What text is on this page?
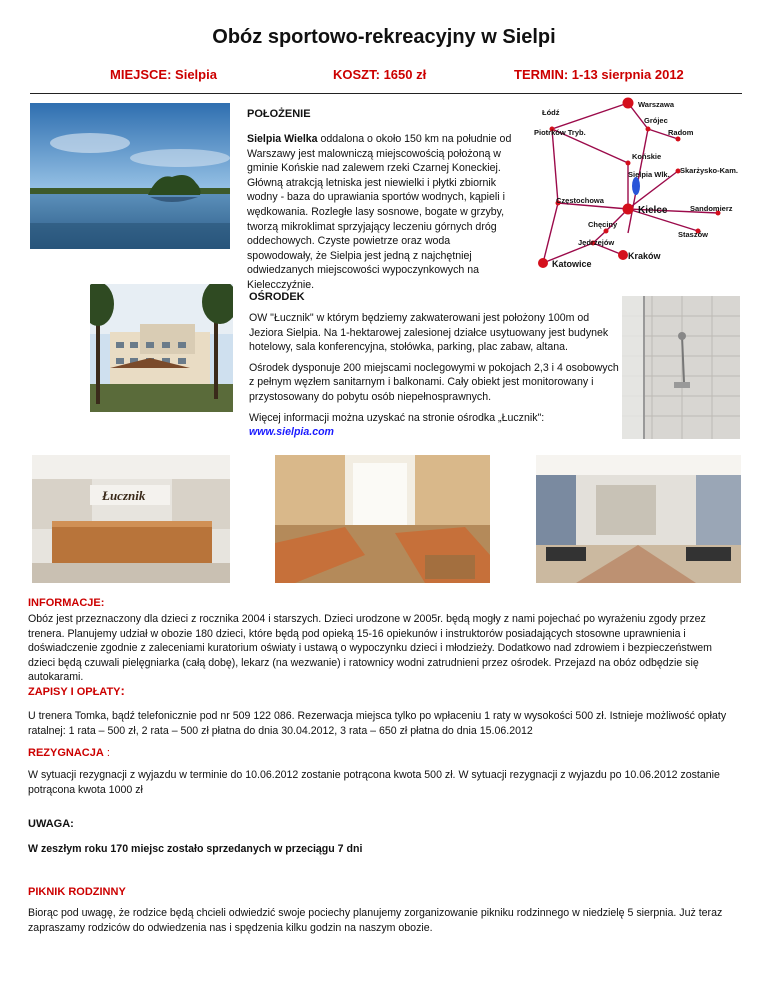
Obóz sportowo-rekreacyjny w Sielpi
MIEJSCE: Sielpia	KOSZT: 1650 zł	TERMIN: 1-13 sierpnia 2012
POŁOŻENIE
Sielpia Wielka oddalona o około 150 km na południe od Warszawy jest malowniczą miejscowością położoną w gminie Końskie nad zalewem rzeki Czarnej Koneckiej. Główną atrakcją letniska jest niewielki i płytki zbiornik wodny - baza do uprawiania sportów wodnych, kąpieli i wędkowania. Rozległe lasy sosnowe, bogate w grzyby, tworzą mikroklimat sprzyjający leczeniu górnych dróg oddechowych. Czyste powietrze oraz woda spowodowały, że Sielpia jest jedną z najchętniej odwiedzanych miejscowości wypoczynkowych na Kielecczyźnie.
Łódź
Warszawa
Grójec
Piotrków Tryb.	Radom
Końskie
Sielpia Wlk. Skarżysko-Kam.
Częstochowa
Kielce	Sandomierz
Chęciny
Staszów
Jędrzejów
Katowice
Kraków
OŚRODEK
OW "Łucznik" w którym będziemy zakwaterowani jest położony 100m od Jeziora Sielpia. Na 1-hektarowej zalesionej działce usytuowany jest budynek hotelowy, sala konferencyjna, stołówka, parking, plac zabaw, altana.
Ośrodek dysponuje 200 miejscami noclegowymi w pokojach 2,3 i 4 osobowych z pełnym węzłem sanitarnym i balkonami. Cały obiekt jest monitorowany i przystosowany do pobytu osób niepełnosprawnych.
Więcej informacji można uzyskać na stronie ośrodka „Łucznik":
www.sielpia.com
Łucznik
INFORMACJE:
Obóz jest przeznaczony dla dzieci z rocznika 2004 i starszych. Dzieci urodzone w 2005r. będą mogły z nami pojechać po wyrażeniu zgody przez trenera. Planujemy udział w obozie 180 dzieci, które będą pod opieką 15-16 opiekunów i instruktorów posiadających stosowne uprawnienia i doświadczenie zgodnie z zaleceniami kuratorium oświaty i ustawą o wypoczynku dzieci i młodzieży. Dodatkowo nad zdrowiem i bezpieczeństwem dzieci będą czuwali pielęgniarka (całą dobę), lekarz (na wezwanie) i ratownicy wodni zatrudnieni przez ośrodek. Przejazd na obóz odbędzie się autokarami.
ZAPISY I OPŁATY:
U trenera Tomka, bądź telefonicznie pod nr 509 122 086. Rezerwacja miejsca tylko po wpłaceniu 1 raty w wysokości 500 zł. Istnieje możliwość opłaty ratalnej: 1 rata – 500 zł, 2 rata – 500 zł płatna do dnia 30.04.2012, 3 rata – 650 zł płatna do dnia 15.06.2012
REZYGNACJA :
W sytuacji rezygnacji z wyjazdu w terminie do 10.06.2012 zostanie potrącona kwota 500 zł. W sytuacji rezygnacji z wyjazdu po 10.06.2012 zostanie potrącona kwota 1000 zł
UWAGA:
W zeszłym roku 170 miejsc zostało sprzedanych w przeciągu 7 dni
PIKNIK RODZINNY
Biorąc pod uwagę, że rodzice będą chcieli odwiedzić swoje pociechy planujemy zorganizowanie pikniku rodzinnego w niedzielę 5 sierpnia. Już teraz zapraszamy rodziców do odwiedzenia nas i spędzenia kilku godzin na naszym obozie.
